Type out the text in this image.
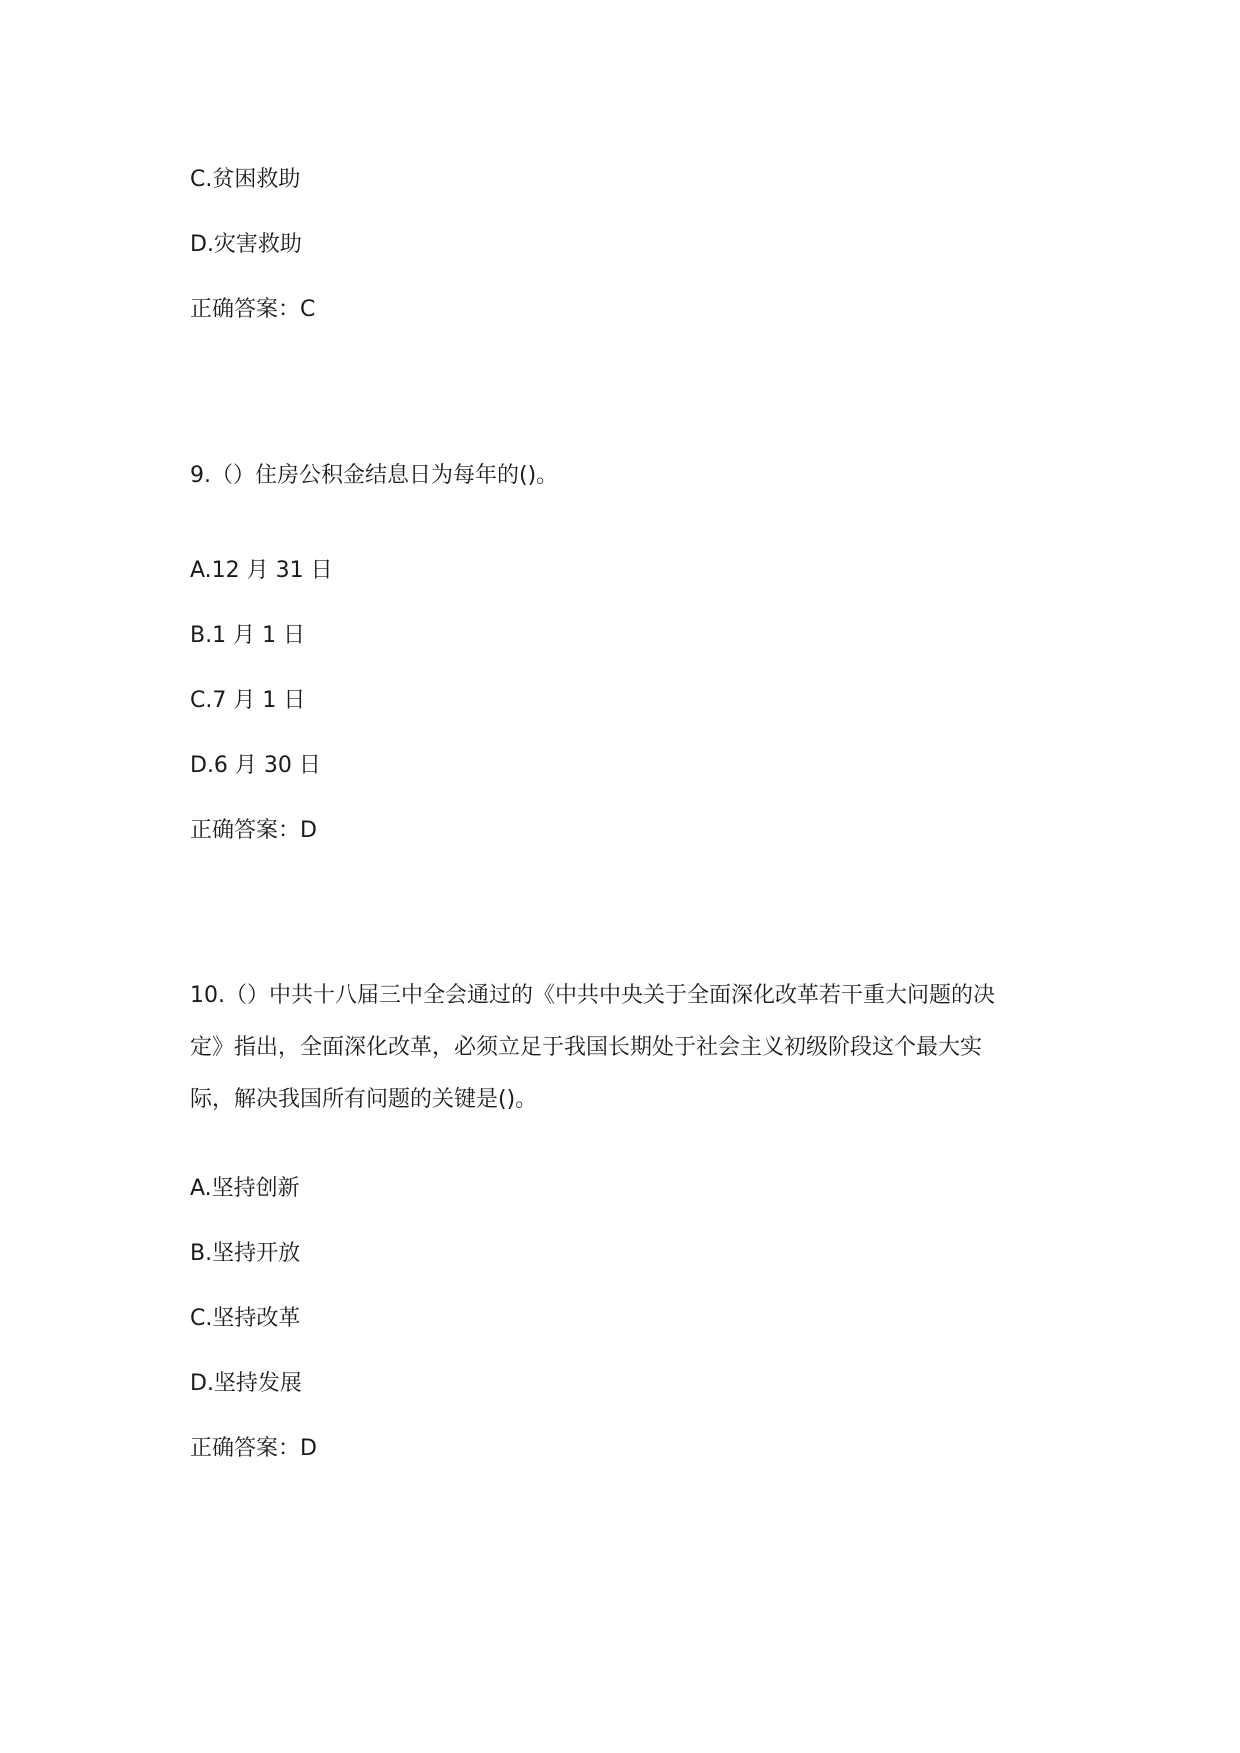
C.贫困救助
D.灾害救助
正确答案：C
9.（）住房公积金结息日为每年的()。
A.12 月 31 日
B.1 月 1 日
C.7 月 1 日
D.6 月 30 日
正确答案：D
10.（）中共十八届三中全会通过的《中共中央关于全面深化改革若干重大问题的决
定》指出，全面深化改革，必须立足于我国长期处于社会主义初级阶段这个最大实
际，解决我国所有问题的关键是()。
A.坚持创新
B.坚持开放
C.坚持改革
D.坚持发展
正确答案：D
